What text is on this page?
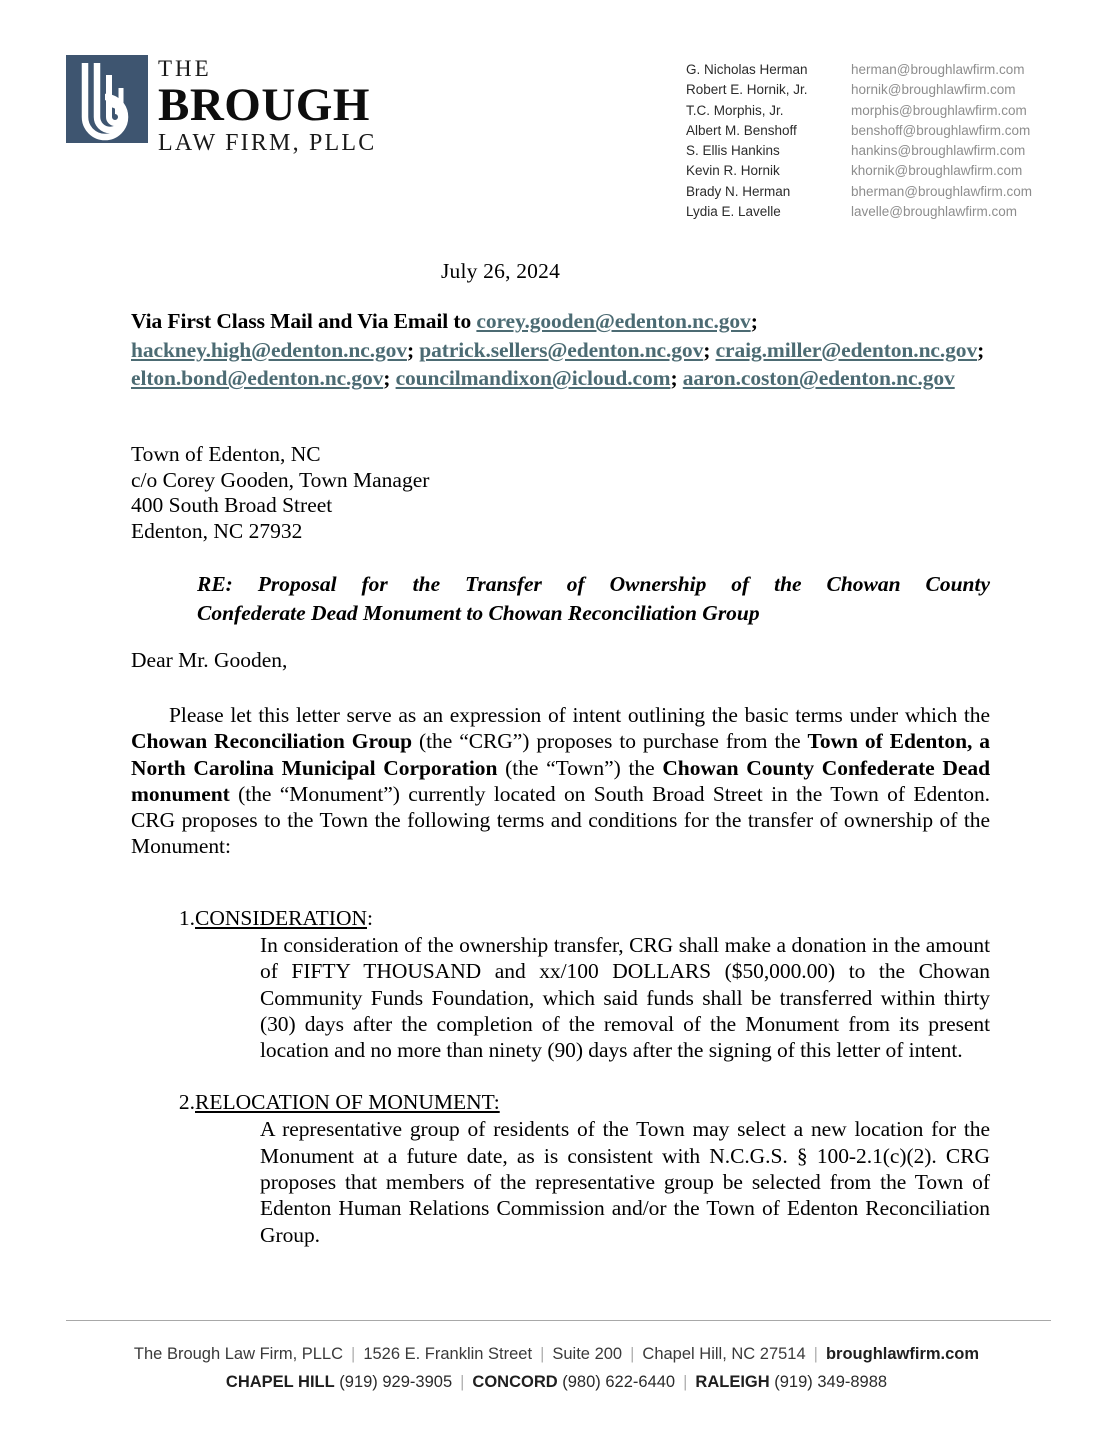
THE
BROUGH
LAW FIRM, PLLC
G. Nicholas Herman	herman@broughlawfirm.com
Robert E. Hornik, Jr.	hornik@broughlawfirm.com
T.C. Morphis, Jr.	morphis@broughlawfirm.com
Albert M. Benshoff	benshoff@broughlawfirm.com
S. Ellis Hankins	hankins@broughlawfirm.com
Kevin R. Hornik	khornik@broughlawfirm.com
Brady N. Herman	bherman@broughlawfirm.com
Lydia E. Lavelle	lavelle@broughlawfirm.com
July 26, 2024
Via First Class Mail and Via Email to corey.gooden@edenton.nc.gov; hackney.high@edenton.nc.gov; patrick.sellers@edenton.nc.gov; craig.miller@edenton.nc.gov; elton.bond@edenton.nc.gov; councilmandixon@icloud.com; aaron.coston@edenton.nc.gov
Town of Edenton, NC
c/o Corey Gooden, Town Manager
400 South Broad Street
Edenton, NC 27932
RE: Proposal for the Transfer of Ownership of the Chowan County
Confederate Dead Monument to Chowan Reconciliation Group
Dear Mr. Gooden,
Please let this letter serve as an expression of intent outlining the basic terms under which the Chowan Reconciliation Group (the “CRG”) proposes to purchase from the Town of Edenton, a North Carolina Municipal Corporation (the “Town”) the Chowan County Confederate Dead monument (the “Monument”) currently located on South Broad Street in the Town of Edenton. CRG proposes to the Town the following terms and conditions for the transfer of ownership of the Monument:
1. CONSIDERATION:
In consideration of the ownership transfer, CRG shall make a donation in the amount of FIFTY THOUSAND and xx/100 DOLLARS ($50,000.00) to the Chowan Community Funds Foundation, which said funds shall be transferred within thirty (30) days after the completion of the removal of the Monument from its present location and no more than ninety (90) days after the signing of this letter of intent.
2. RELOCATION OF MONUMENT:
A representative group of residents of the Town may select a new location for the Monument at a future date, as is consistent with N.C.G.S. § 100-2.1(c)(2). CRG proposes that members of the representative group be selected from the Town of Edenton Human Relations Commission and/or the Town of Edenton Reconciliation Group.
The Brough Law Firm, PLLC | 1526 E. Franklin Street | Suite 200 | Chapel Hill, NC 27514 | broughlawfirm.com
CHAPEL HILL (919) 929-3905 | CONCORD (980) 622-6440 | RALEIGH (919) 349-8988
